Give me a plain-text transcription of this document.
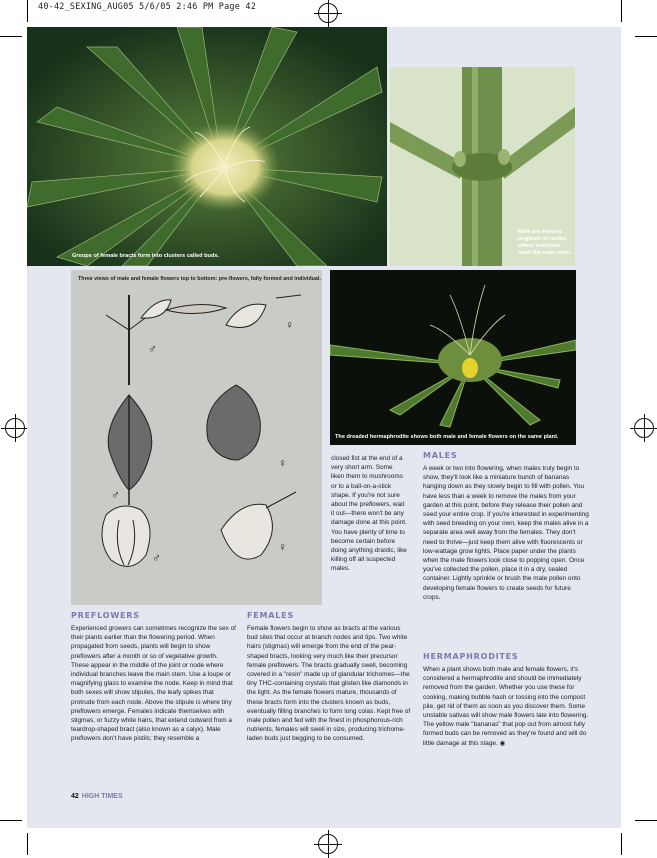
40-42_SEXING_AUG05 5/6/05 2:46 PM Page 42
Groups of female bracts form into clusters called buds.
Male pre-flowers originate at nodes where branches meet the main stem.
Three views of male and female flowers top to bottom: pre-flowers, fully formed and individual.
♂
♀
♀
♂
♂
♀
The dreaded hermaphrodite shows both male and female flowers on the same plant.
preflowers	females
males
hermaphrodites

Experienced growers can sometimes recognize the sex of their plants earlier than the flowering period. When propagated from seeds, plants will begin to show preflowers after a month or so of vegetative growth. These appear in the middle of the joint or node where individual branches leave the main stem. Use a loupe or magnifying glass to examine the node. Keep in mind that both sexes will show stipules, the leafy spikes that protrude from each node. Above the stipule is where tiny preflowers emerge. Females indicate themselves with stigmas, or fuzzy white hairs, that extend outward from a teardrop-shaped bract (also known as a calyx). Male preflowers don't have pistils; they resemble a

closed fist at the end of a very short arm. Some liken them to mushrooms or to a ball-on-a-stick shape. If you're not sure about the preflowers, wait it out—there won't be any damage done at this point. You have plenty of time to become certain before doing anything drastic, like killing off all suspected males.

Female flowers begin to show as bracts at the various bud sites that occur at branch nodes and tips. Two white hairs (stigmas) will emerge from the end of the pear-shaped bracts, looking very much like their precursor female preflowers. The bracts gradually swell, becoming covered in a "resin" made up of glandular trichomes—the tiny THC-containing crystals that glisten like diamonds in the light. As the female flowers mature, thousands of these bracts form into the clusters known as buds, eventually filling branches to form long colas. Kept free of male pollen and fed with the finest in phosphorous-rich nutrients, females will swell in size, producing trichome-laden buds just begging to be consumed.

A week or two into flowering, when males truly begin to show, they'll look like a miniature bunch of bananas hanging down as they slowly begin to fill with pollen. You have less than a week to remove the males from your garden at this point, before they release their pollen and seed your entire crop. If you're interested in experimenting with seed breeding on your own, keep the males alive in a separate area well away from the females. They don't need to thrive—just keep them alive with fluorescents or low-wattage grow lights. Place paper under the plants when the male flowers look close to popping open. Once you've collected the pollen, place it in a dry, sealed container. Lightly sprinkle or brush the male pollen onto developing female flowers to create seeds for future crops.

When a plant shows both male and female flowers, it's considered a hermaphrodite and should be immediately removed from the garden. Whether you use these for cooking, making bubble hash or tossing into the compost pile, get rid of them as soon as you discover them. Some unstable sativas will show male flowers late into flowering. The yellow male "bananas" that pop out from almost fully formed buds can be removed as they're found and will do little damage at this stage. ◉

42 HIGH TIMES
